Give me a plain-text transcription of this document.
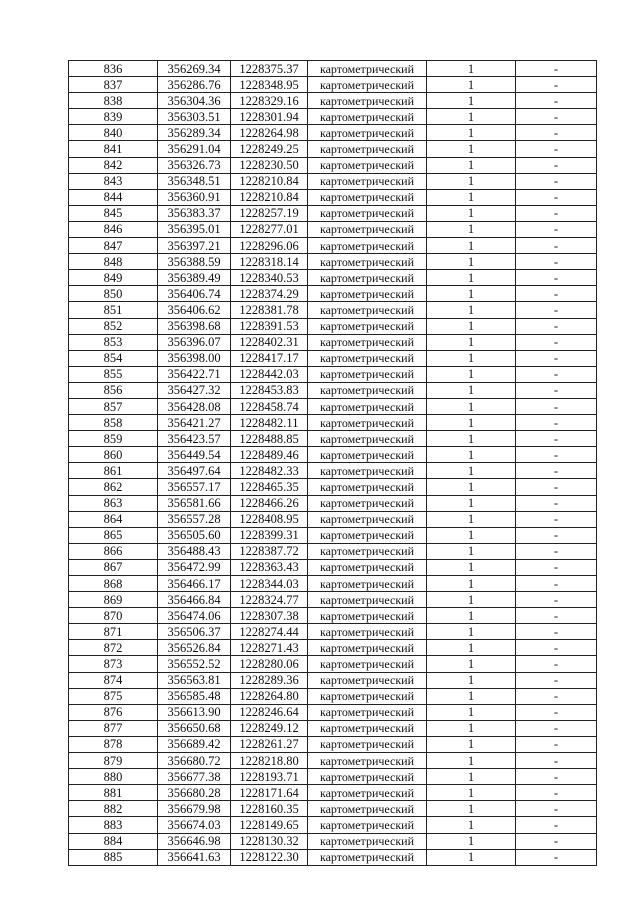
836	356269.34	1228375.37	картометрический	1	-
837	356286.76	1228348.95	картометрический	1	-
838	356304.36	1228329.16	картометрический	1	-
839	356303.51	1228301.94	картометрический	1	-
840	356289.34	1228264.98	картометрический	1	-
841	356291.04	1228249.25	картометрический	1	-
842	356326.73	1228230.50	картометрический	1	-
843	356348.51	1228210.84	картометрический	1	-
844	356360.91	1228210.84	картометрический	1	-
845	356383.37	1228257.19	картометрический	1	-
846	356395.01	1228277.01	картометрический	1	-
847	356397.21	1228296.06	картометрический	1	-
848	356388.59	1228318.14	картометрический	1	-
849	356389.49	1228340.53	картометрический	1	-
850	356406.74	1228374.29	картометрический	1	-
851	356406.62	1228381.78	картометрический	1	-
852	356398.68	1228391.53	картометрический	1	-
853	356396.07	1228402.31	картометрический	1	-
854	356398.00	1228417.17	картометрический	1	-
855	356422.71	1228442.03	картометрический	1	-
856	356427.32	1228453.83	картометрический	1	-
857	356428.08	1228458.74	картометрический	1	-
858	356421.27	1228482.11	картометрический	1	-
859	356423.57	1228488.85	картометрический	1	-
860	356449.54	1228489.46	картометрический	1	-
861	356497.64	1228482.33	картометрический	1	-
862	356557.17	1228465.35	картометрический	1	-
863	356581.66	1228466.26	картометрический	1	-
864	356557.28	1228408.95	картометрический	1	-
865	356505.60	1228399.31	картометрический	1	-
866	356488.43	1228387.72	картометрический	1	-
867	356472.99	1228363.43	картометрический	1	-
868	356466.17	1228344.03	картометрический	1	-
869	356466.84	1228324.77	картометрический	1	-
870	356474.06	1228307.38	картометрический	1	-
871	356506.37	1228274.44	картометрический	1	-
872	356526.84	1228271.43	картометрический	1	-
873	356552.52	1228280.06	картометрический	1	-
874	356563.81	1228289.36	картометрический	1	-
875	356585.48	1228264.80	картометрический	1	-
876	356613.90	1228246.64	картометрический	1	-
877	356650.68	1228249.12	картометрический	1	-
878	356689.42	1228261.27	картометрический	1	-
879	356680.72	1228218.80	картометрический	1	-
880	356677.38	1228193.71	картометрический	1	-
881	356680.28	1228171.64	картометрический	1	-
882	356679.98	1228160.35	картометрический	1	-
883	356674.03	1228149.65	картометрический	1	-
884	356646.98	1228130.32	картометрический	1	-
885	356641.63	1228122.30	картометрический	1	-
